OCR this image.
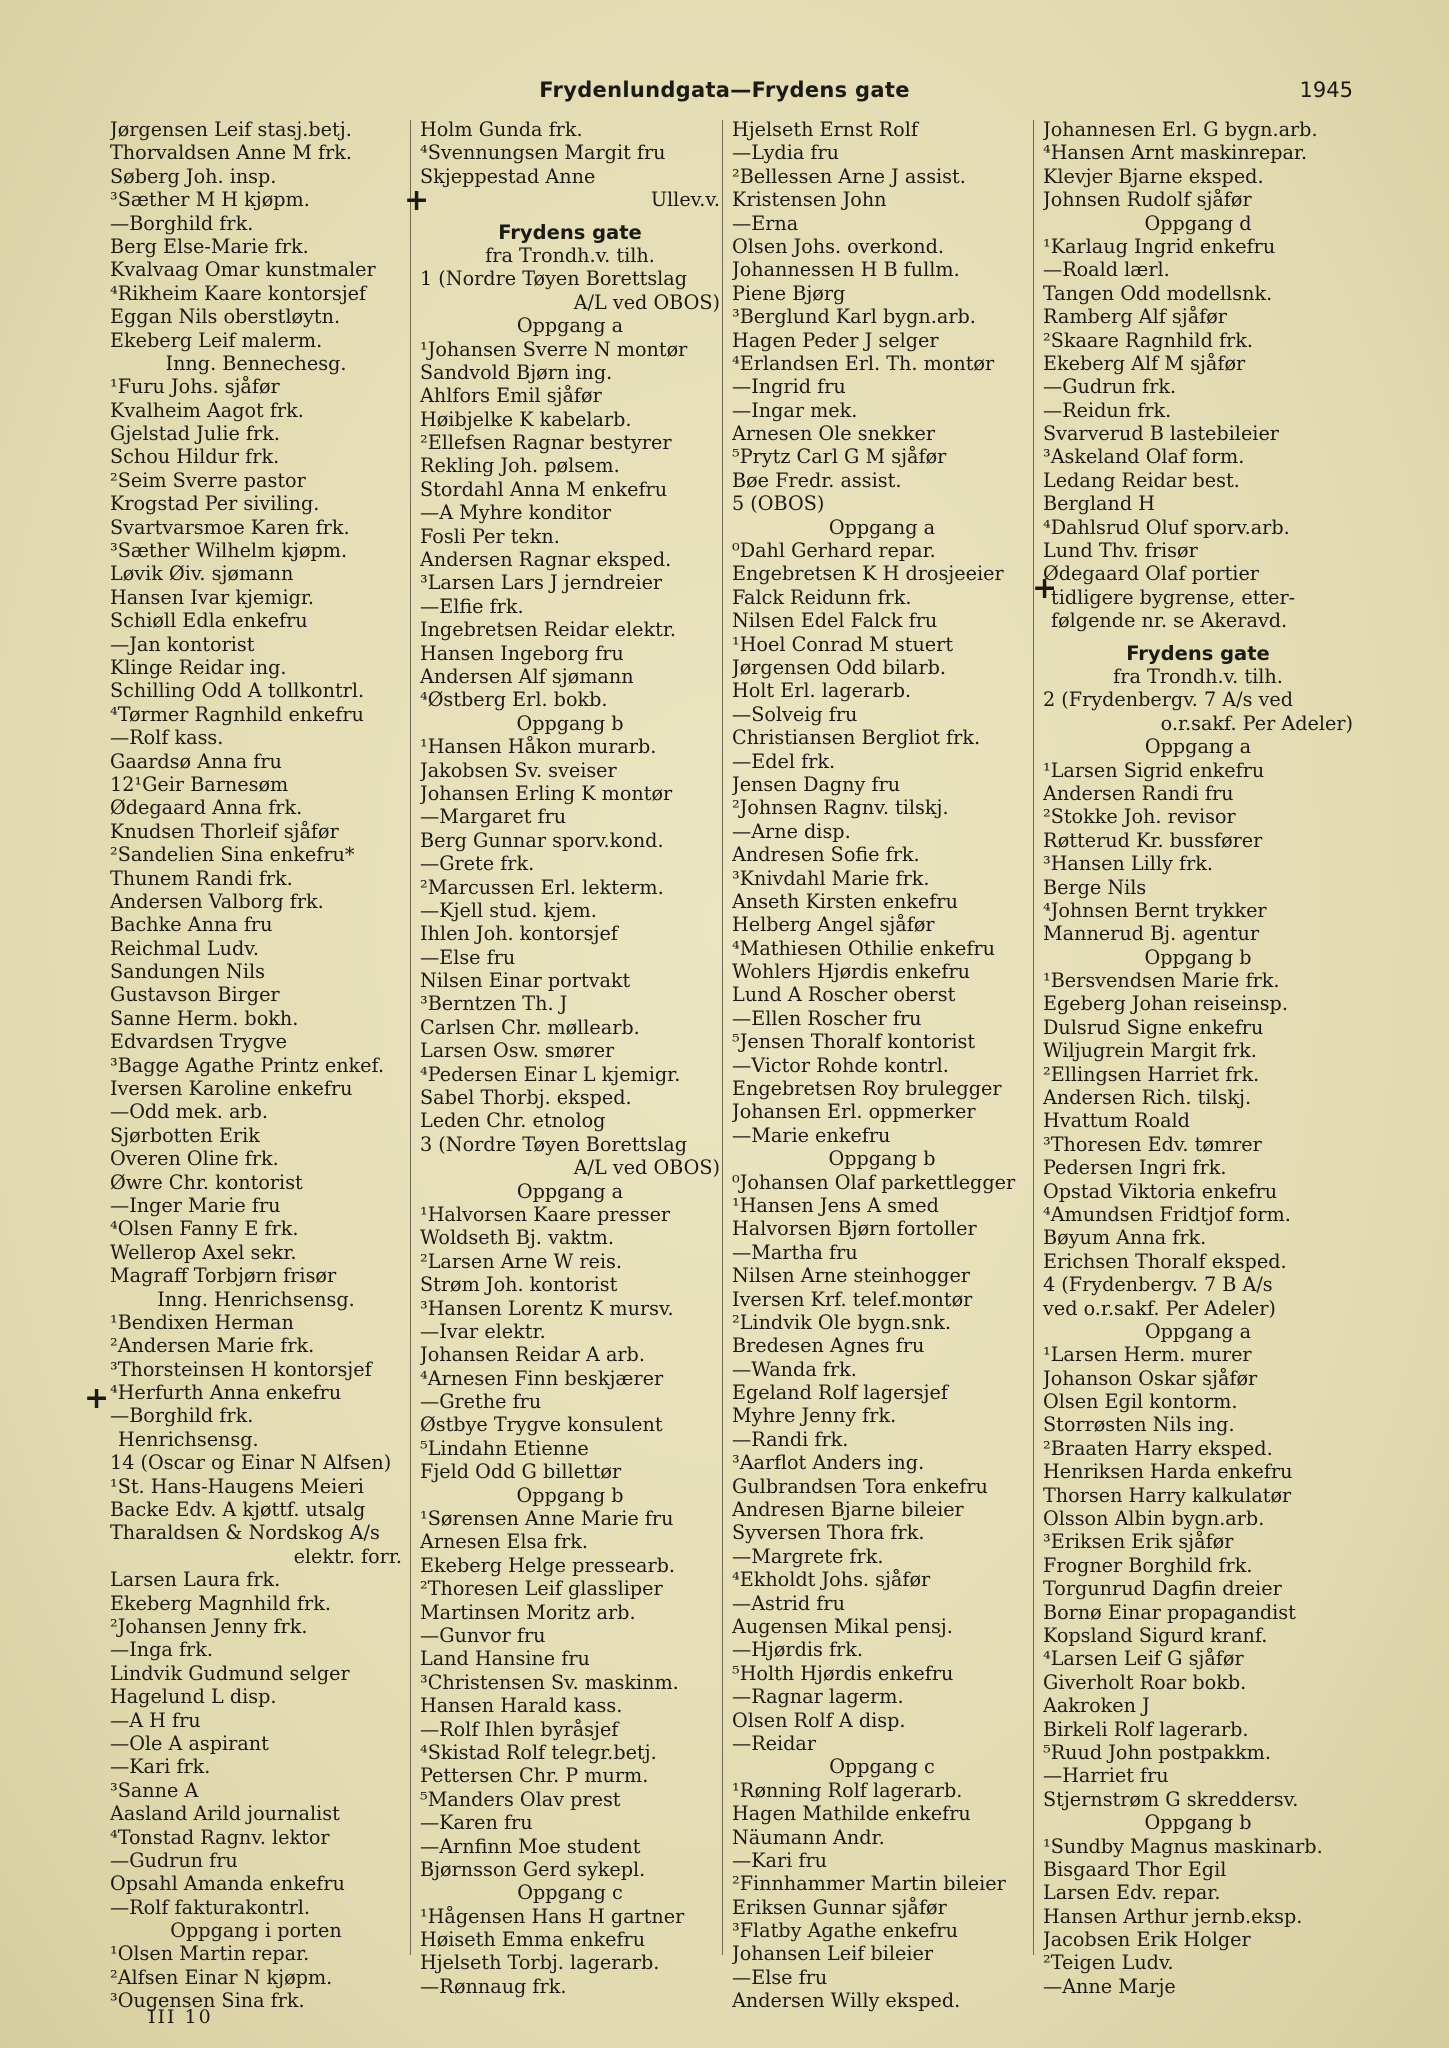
Frydenlundgata—Frydens gate	1945
Jørgensen Leif stasj.betj.
Thorvaldsen Anne M frk.
Søberg Joh. insp.
³Sæther M H kjøpm.
—Borghild frk.
Berg Else-Marie frk.
Kvalvaag Omar kunstmaler
⁴Rikheim Kaare kontorsjef
Eggan Nils oberstløytn.
Ekeberg Leif malerm.
Inng. Bennechesg.
¹Furu Johs. sjåfør
Kvalheim Aagot frk.
Gjelstad Julie frk.
Schou Hildur frk.
²Seim Sverre pastor
Krogstad Per siviling.
Svartvarsmoe Karen frk.
³Sæther Wilhelm kjøpm.
Løvik Øiv. sjømann
Hansen Ivar kjemigr.
Schiøll Edla enkefru
—Jan kontorist
Klinge Reidar ing.
Schilling Odd A tollkontrl.
⁴Tørmer Ragnhild enkefru
—Rolf kass.
Gaardsø Anna fru
12¹Geir Barnesøm
Ødegaard Anna frk.
Knudsen Thorleif sjåfør
²Sandelien Sina enkefru*
Thunem Randi frk.
Andersen Valborg frk.
Bachke Anna fru
Reichmal Ludv.
Sandungen Nils
Gustavson Birger
Sanne Herm. bokh.
Edvardsen Trygve
³Bagge Agathe Printz enkef.
Iversen Karoline enkefru
—Odd mek. arb.
Sjørbotten Erik
Overen Oline frk.
Øwre Chr. kontorist
—Inger Marie fru
⁴Olsen Fanny E frk.
Wellerop Axel sekr.
Magraff Torbjørn frisør
Inng. Henrichsensg.
¹Bendixen Herman
²Andersen Marie frk.
³Thorsteinsen H kontorsjef
⁴Herfurth Anna enkefru
—Borghild frk.
Henrichsensg.
14 (Oscar og Einar N Alfsen)
¹St. Hans-Haugens Meieri
Backe Edv. A kjøttf. utsalg
Tharaldsen & Nordskog A/s
elektr. forr.
Larsen Laura frk.
Ekeberg Magnhild frk.
²Johansen Jenny frk.
—Inga frk.
Lindvik Gudmund selger
Hagelund L disp.
—A H fru
—Ole A aspirant
—Kari frk.
³Sanne A
Aasland Arild journalist
⁴Tonstad Ragnv. lektor
—Gudrun fru
Opsahl Amanda enkefru
—Rolf fakturakontrl.
Oppgang i porten
¹Olsen Martin repar.
²Alfsen Einar N kjøpm.
³Ougensen Sina frk.
Holm Gunda frk.
⁴Svennungsen Margit fru
Skjeppestad Anne
Ullev.v.
Frydens gate
fra Trondh.v. tilh.
1 (Nordre Tøyen Borettslag
A/L ved OBOS)
Oppgang a
¹Johansen Sverre N montør
Sandvold Bjørn ing.
Ahlfors Emil sjåfør
Høibjelke K kabelarb.
²Ellefsen Ragnar bestyrer
Rekling Joh. pølsem.
Stordahl Anna M enkefru
—A Myhre konditor
Fosli Per tekn.
Andersen Ragnar eksped.
³Larsen Lars J jerndreier
—Elfie frk.
Ingebretsen Reidar elektr.
Hansen Ingeborg fru
Andersen Alf sjømann
⁴Østberg Erl. bokb.
Oppgang b
¹Hansen Håkon murarb.
Jakobsen Sv. sveiser
Johansen Erling K montør
—Margaret fru
Berg Gunnar sporv.kond.
—Grete frk.
²Marcussen Erl. lekterm.
—Kjell stud. kjem.
Ihlen Joh. kontorsjef
—Else fru
Nilsen Einar portvakt
³Berntzen Th. J
Carlsen Chr. møllearb.
Larsen Osw. smører
⁴Pedersen Einar L kjemigr.
Sabel Thorbj. eksped.
Leden Chr. etnolog
3 (Nordre Tøyen Borettslag
A/L ved OBOS)
Oppgang a
¹Halvorsen Kaare presser
Woldseth Bj. vaktm.
²Larsen Arne W reis.
Strøm Joh. kontorist
³Hansen Lorentz K mursv.
—Ivar elektr.
Johansen Reidar A arb.
⁴Arnesen Finn beskjærer
—Grethe fru
Østbye Trygve konsulent
⁵Lindahn Etienne
Fjeld Odd G billettør
Oppgang b
¹Sørensen Anne Marie fru
Arnesen Elsa frk.
Ekeberg Helge pressearb.
²Thoresen Leif glassliper
Martinsen Moritz arb.
—Gunvor fru
Land Hansine fru
³Christensen Sv. maskinm.
Hansen Harald kass.
—Rolf Ihlen byråsjef
⁴Skistad Rolf telegr.betj.
Pettersen Chr. P murm.
⁵Manders Olav prest
—Karen fru
—Arnfinn Moe student
Bjørnsson Gerd sykepl.
Oppgang c
¹Hågensen Hans H gartner
Høiseth Emma enkefru
Hjelseth Torbj. lagerarb.
—Rønnaug frk.
Hjelseth Ernst Rolf
—Lydia fru
²Bellessen Arne J assist.
Kristensen John
—Erna
Olsen Johs. overkond.
Johannessen H B fullm.
Piene Bjørg
³Berglund Karl bygn.arb.
Hagen Peder J selger
⁴Erlandsen Erl. Th. montør
—Ingrid fru
—Ingar mek.
Arnesen Ole snekker
⁵Prytz Carl G M sjåfør
Bøe Fredr. assist.
5 (OBOS)
Oppgang a
⁰Dahl Gerhard repar.
Engebretsen K H drosjeeier
Falck Reidunn frk.
Nilsen Edel Falck fru
¹Hoel Conrad M stuert
Jørgensen Odd bilarb.
Holt Erl. lagerarb.
—Solveig fru
Christiansen Bergliot frk.
—Edel frk.
Jensen Dagny fru
²Johnsen Ragnv. tilskj.
—Arne disp.
Andresen Sofie frk.
³Knivdahl Marie frk.
Anseth Kirsten enkefru
Helberg Angel sjåfør
⁴Mathiesen Othilie enkefru
Wohlers Hjørdis enkefru
Lund A Roscher oberst
—Ellen Roscher fru
⁵Jensen Thoralf kontorist
—Victor Rohde kontrl.
Engebretsen Roy brulegger
Johansen Erl. oppmerker
—Marie enkefru
Oppgang b
⁰Johansen Olaf parkettlegger
¹Hansen Jens A smed
Halvorsen Bjørn fortoller
—Martha fru
Nilsen Arne steinhogger
Iversen Krf. telef.montør
²Lindvik Ole bygn.snk.
Bredesen Agnes fru
—Wanda frk.
Egeland Rolf lagersjef
Myhre Jenny frk.
—Randi frk.
³Aarflot Anders ing.
Gulbrandsen Tora enkefru
Andresen Bjarne bileier
Syversen Thora frk.
—Margrete frk.
⁴Ekholdt Johs. sjåfør
—Astrid fru
Augensen Mikal pensj.
—Hjørdis frk.
⁵Holth Hjørdis enkefru
—Ragnar lagerm.
Olsen Rolf A disp.
—Reidar
Oppgang c
¹Rønning Rolf lagerarb.
Hagen Mathilde enkefru
Näumann Andr.
—Kari fru
²Finnhammer Martin bileier
Eriksen Gunnar sjåfør
³Flatby Agathe enkefru
Johansen Leif bileier
—Else fru
Andersen Willy eksped.
Johannesen Erl. G bygn.arb.
⁴Hansen Arnt maskinrepar.
Klevjer Bjarne eksped.
Johnsen Rudolf sjåfør
Oppgang d
¹Karlaug Ingrid enkefru
—Roald lærl.
Tangen Odd modellsnk.
Ramberg Alf sjåfør
²Skaare Ragnhild frk.
Ekeberg Alf M sjåfør
—Gudrun frk.
—Reidun frk.
Svarverud B lastebileier
³Askeland Olaf form.
Ledang Reidar best.
Bergland H
⁴Dahlsrud Oluf sporv.arb.
Lund Thv. frisør
Ødegaard Olaf portier
tidligere bygrense, etter-
følgende nr. se Akeravd.
Frydens gate
fra Trondh.v. tilh.
2 (Frydenbergv. 7 A/s ved
o.r.sakf. Per Adeler)
Oppgang a
¹Larsen Sigrid enkefru
Andersen Randi fru
²Stokke Joh. revisor
Røtterud Kr. bussfører
³Hansen Lilly frk.
Berge Nils
⁴Johnsen Bernt trykker
Mannerud Bj. agentur
Oppgang b
¹Bersvendsen Marie frk.
Egeberg Johan reiseinsp.
Dulsrud Signe enkefru
Wiljugrein Margit frk.
²Ellingsen Harriet frk.
Andersen Rich. tilskj.
Hvattum Roald
³Thoresen Edv. tømrer
Pedersen Ingri frk.
Opstad Viktoria enkefru
⁴Amundsen Fridtjof form.
Bøyum Anna frk.
Erichsen Thoralf eksped.
4 (Frydenbergv. 7 B A/s
ved o.r.sakf. Per Adeler)
Oppgang a
¹Larsen Herm. murer
Johanson Oskar sjåfør
Olsen Egil kontorm.
Storrøsten Nils ing.
²Braaten Harry eksped.
Henriksen Harda enkefru
Thorsen Harry kalkulatør
Olsson Albin bygn.arb.
³Eriksen Erik sjåfør
Frogner Borghild frk.
Torgunrud Dagfin dreier
Bornø Einar propagandist
Kopsland Sigurd kranf.
⁴Larsen Leif G sjåfør
Giverholt Roar bokb.
Aakroken J
Birkeli Rolf lagerarb.
⁵Ruud John postpakkm.
—Harriet fru
Stjernstrøm G skreddersv.
Oppgang b
¹Sundby Magnus maskinarb.
Bisgaard Thor Egil
Larsen Edv. repar.
Hansen Arthur jernb.eksp.
Jacobsen Erik Holger
²Teigen Ludv.
—Anne Marje
+
+
+
III 10
